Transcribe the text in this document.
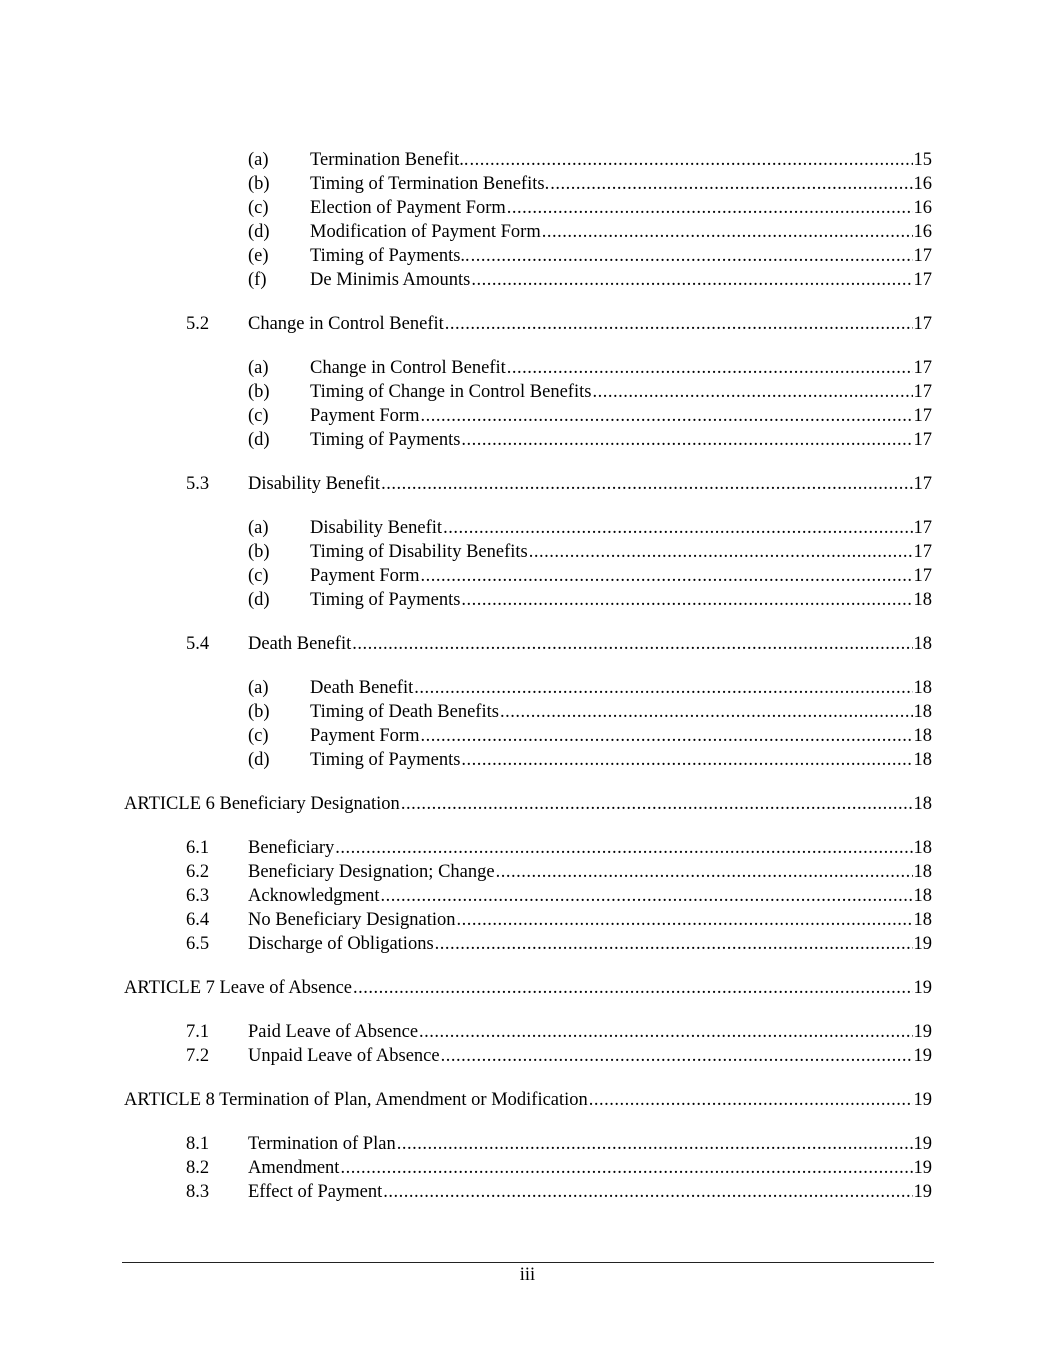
(a)	Termination Benefit.. .....	15
(b)	Timing of Termination Benefits. .....	16
(c)	Election of Payment Form .....	16
(d)	Modification of Payment Form .....	16
(e)	Timing of Payments.. .....	17
(f)	De Minimis Amounts .....	17
5.2	Change in Control Benefit .....	17
(a)	Change in Control Benefit .....	17
(b)	Timing of Change in Control Benefits .....	17
(c)	Payment Form .....	17
(d)	Timing of Payments .....	17
5.3	Disability Benefit .....	17
(a)	Disability Benefit .....	17
(b)	Timing of Disability Benefits .....	17
(c)	Payment Form .....	17
(d)	Timing of Payments .....	18
5.4	Death Benefit .....	18
(a)	Death Benefit .....	18
(b)	Timing of Death Benefits .....	18
(c)	Payment Form .....	18
(d)	Timing of Payments .....	18
ARTICLE 6 Beneficiary Designation .....	18
6.1	Beneficiary .....	18
6.2	Beneficiary Designation; Change .....	18
6.3	Acknowledgment .....	18
6.4	No Beneficiary Designation .....	18
6.5	Discharge of Obligations .....	19
ARTICLE 7 Leave of Absence .....	19
7.1	Paid Leave of Absence .....	19
7.2	Unpaid Leave of Absence .....	19
ARTICLE 8 Termination of Plan, Amendment or Modification .....	19
8.1	Termination of Plan .....	19
8.2	Amendment .....	19
8.3	Effect of Payment .....	19
iii
